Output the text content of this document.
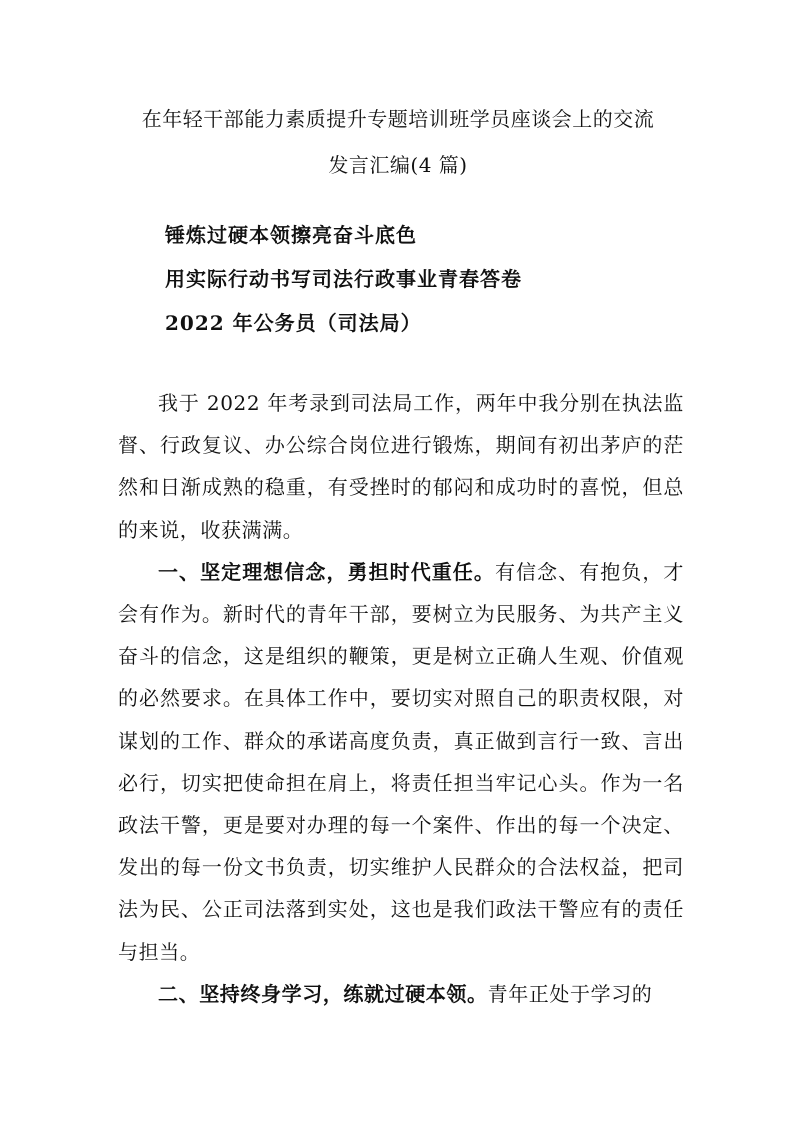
在年轻干部能力素质提升专题培训班学员座谈会上的交流
发言汇编(4 篇)
锤炼过硬本领擦亮奋斗底色
用实际行动书写司法行政事业青春答卷
2022 年公务员（司法局）

我于 2022 年考录到司法局工作，两年中我分别在执法监督、行政复议、办公综合岗位进行锻炼，期间有初出茅庐的茫然和日渐成熟的稳重，有受挫时的郁闷和成功时的喜悦，但总的来说，收获满满。

一、坚定理想信念，勇担时代重任。有信念、有抱负，才会有作为。新时代的青年干部，要树立为民服务、为共产主义奋斗的信念，这是组织的鞭策，更是树立正确人生观、价值观的必然要求。在具体工作中，要切实对照自己的职责权限，对谋划的工作、群众的承诺高度负责，真正做到言行一致、言出必行，切实把使命担在肩上，将责任担当牢记心头。作为一名政法干警，更是要对办理的每一个案件、作出的每一个决定、发出的每一份文书负责，切实维护人民群众的合法权益，把司法为民、公正司法落到实处，这也是我们政法干警应有的责任与担当。

二、坚持终身学习，练就过硬本领。青年正处于学习的
